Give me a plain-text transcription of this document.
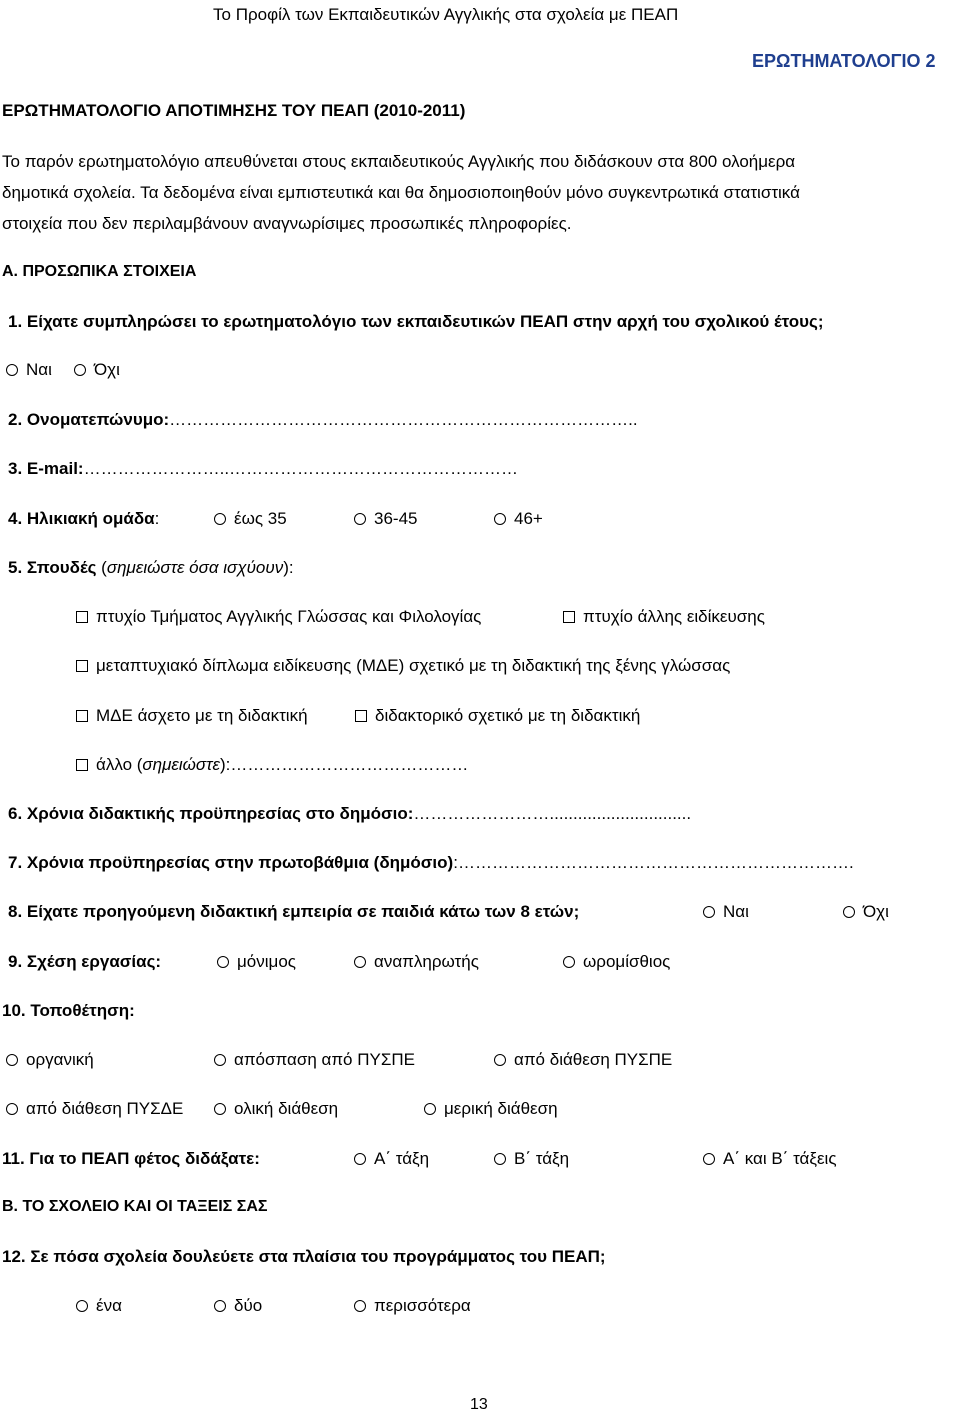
Το Προφίλ των Εκπαιδευτικών Αγγλικής στα σχολεία με ΠΕΑΠ
ΕΡΩΤΗΜΑΤΟΛΟΓΙΟ 2
ΕΡΩΤΗΜΑΤΟΛΟΓΙΟ ΑΠΟΤΙΜΗΣΗΣ ΤΟΥ ΠΕΑΠ (2010-2011)
Το παρόν ερωτηματολόγιο απευθύνεται στους εκπαιδευτικούς Αγγλικής που διδάσκουν στα 800 ολοήμερα
δημοτικά σχολεία. Τα δεδομένα είναι εμπιστευτικά και θα δημοσιοποιηθούν μόνο συγκεντρωτικά στατιστικά
στοιχεία που δεν περιλαμβάνουν αναγνωρίσιμες προσωπικές πληροφορίες.
Α. ΠΡΟΣΩΠΙΚΑ ΣΤΟΙΧΕΙΑ
1. Είχατε συμπληρώσει το ερωτηματολόγιο των εκπαιδευτικών ΠΕΑΠ στην αρχή του σχολικού έτους;
Ναι	Όχι
2. Ονοματεπώνυμο:………………………………………………………………………..
3. E-mail:……………………..……………………………………………
4. Ηλικιακή ομάδα:	έως 35	36-45	46+
5. Σπουδές (σημειώστε όσα ισχύουν):
πτυχίο Τμήματος Αγγλικής Γλώσσας και Φιλολογίας	πτυχίο άλλης ειδίκευσης
μεταπτυχιακό δίπλωμα ειδίκευσης (ΜΔΕ) σχετικό με τη διδακτική της ξένης γλώσσας
ΜΔΕ άσχετο με τη διδακτική	διδακτορικό σχετικό με τη διδακτική
άλλο (σημειώστε):……………………………………
6. Χρόνια διδακτικής προϋπηρεσίας στο δημόσιο:……………………..............................
7. Χρόνια προϋπηρεσίας στην πρωτοβάθμια (δημόσιο):…………………………………………………………….
8. Είχατε προηγούμενη διδακτική εμπειρία σε παιδιά κάτω των 8 ετών;	Ναι	Όχι
9. Σχέση εργασίας:	μόνιμος	αναπληρωτής	ωρομίσθιος
10. Τοποθέτηση:
οργανική	απόσπαση από ΠΥΣΠΕ	από διάθεση ΠΥΣΠΕ
από διάθεση ΠΥΣΔΕ	ολική διάθεση	μερική διάθεση
11. Για το ΠΕΑΠ φέτος διδάξατε:	Α΄ τάξη	Β΄ τάξη	Α΄ και Β΄ τάξεις
Β. ΤΟ ΣΧΟΛΕΙΟ ΚΑΙ ΟΙ ΤΑΞΕΙΣ ΣΑΣ
12. Σε πόσα σχολεία δουλεύετε στα πλαίσια του προγράμματος του ΠΕΑΠ;
ένα	δύο	περισσότερα
13
